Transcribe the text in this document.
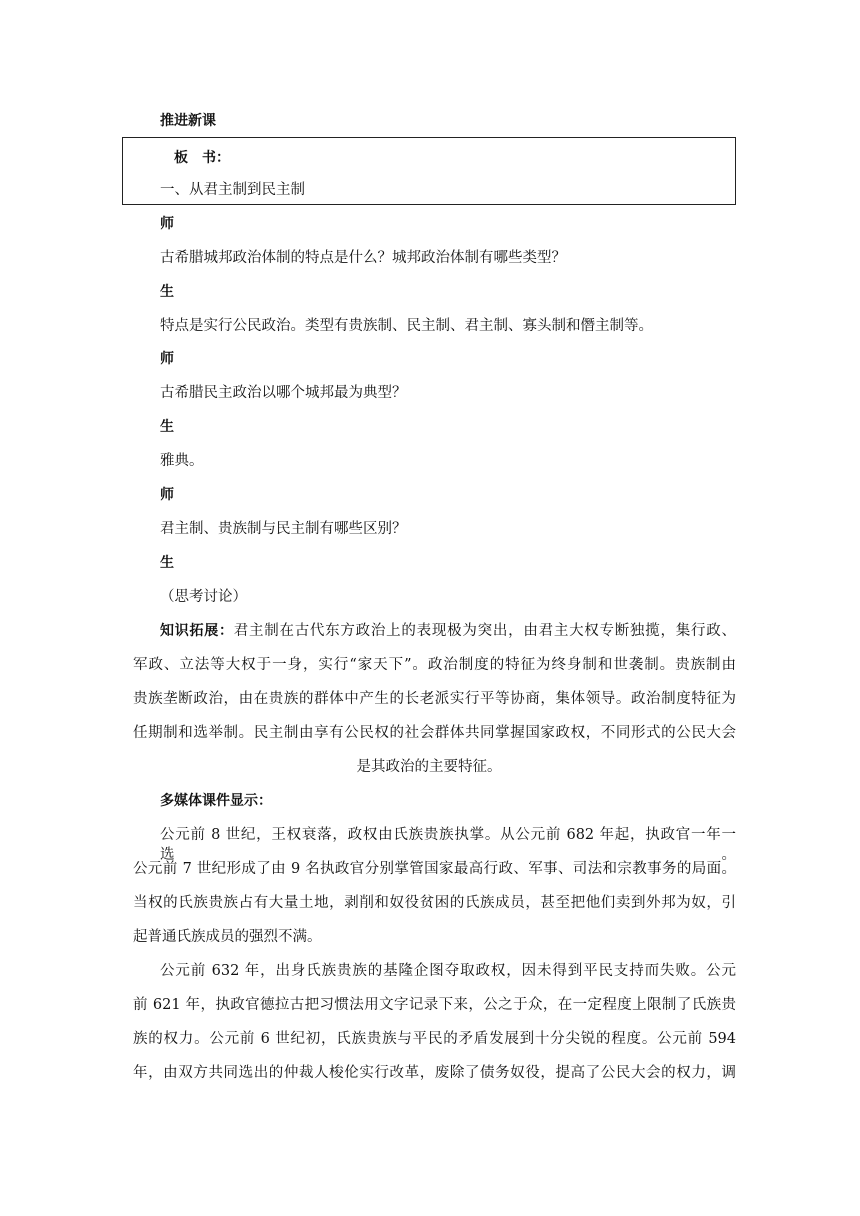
推进新课
板　书：
一、从君主制到民主制
师
古希腊城邦政治体制的特点是什么？城邦政治体制有哪些类型？
生
特点是实行公民政治。类型有贵族制、民主制、君主制、寡头制和僭主制等。
师
古希腊民主政治以哪个城邦最为典型？
生
雅典。
师
君主制、贵族制与民主制有哪些区别？
生
（思考讨论）
知识拓展：君主制在古代东方政治上的表现极为突出，由君主大权专断独揽，集行政、
军政、立法等大权于一身，实行“家天下”。政治制度的特征为终身制和世袭制。贵族制由
贵族垄断政治，由在贵族的群体中产生的长老派实行平等协商，集体领导。政治制度特征为
任期制和选举制。民主制由享有公民权的社会群体共同掌握国家政权，不同形式的公民大会
是其政治的主要特征。
多媒体课件显示：
公元前 8 世纪，王权衰落，政权由氏族贵族执掌。从公元前 682 年起，执政官一年一选。
公元前 7 世纪形成了由 9 名执政官分别掌管国家最高行政、军事、司法和宗教事务的局面。
当权的氏族贵族占有大量土地，剥削和奴役贫困的氏族成员，甚至把他们卖到外邦为奴，引
起普通氏族成员的强烈不满。
公元前 632 年，出身氏族贵族的基隆企图夺取政权，因未得到平民支持而失败。公元
前 621 年，执政官德拉古把习惯法用文字记录下来，公之于众，在一定程度上限制了氏族贵
族的权力。公元前 6 世纪初，氏族贵族与平民的矛盾发展到十分尖锐的程度。公元前 594
年，由双方共同选出的仲裁人梭伦实行改革，废除了债务奴役，提高了公民大会的权力，调
